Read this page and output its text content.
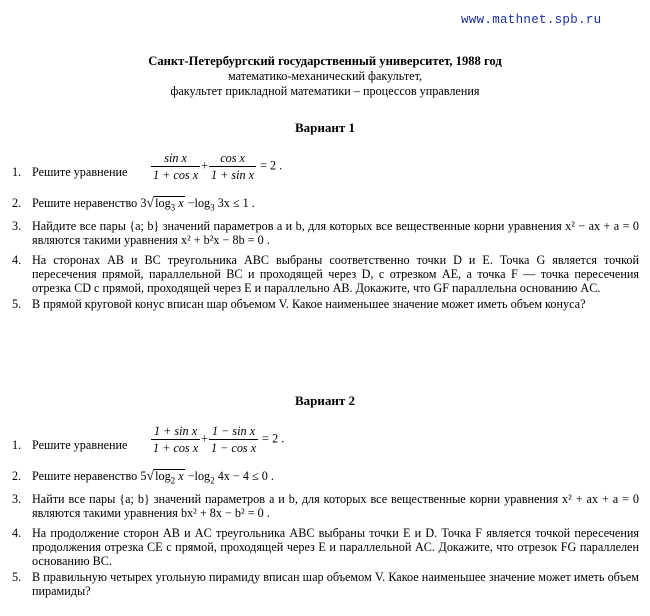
www.mathnet.spb.ru
Санкт-Петербургский государственный университет, 1988 год
математико-механический факультет,
факультет прикладной математики – процессов управления
Вариант 1
1. Решите уравнение $\frac{\text{sin x}}{\text{1 + cos x}} + \frac{\text{cos x}}{\text{1 + sin x}} = 2$ .
2. Решите неравенство $3√\log_3$ $x -\log_3$ 3x ≤ 1 .
3. Найдите все пары {a; b} значений параметров a и b, для которых все вещественные корни уравнения x² − ax + a = 0 являются такими уравнения x² + b²x − 8b = 0 .
4. На сторонах AB и BC треугольника ABC выбраны соответственно точки D и E. Точка G является точкой пересечения прямой, параллельной BC и проходящей через D, с отрезком AE, а точка F — точка пересечения отрезка CD с прямой, проходящей через E и параллельно AB. Докажите, что GF параллельна основанию AC.
5. В прямой круговой конус вписан шар объемом V. Какое наименьшее значение может иметь объем конуса?
Вариант 2
1. Решите уравнение $\frac{\text{1 + sin x}}{\text{1 + cos x}} + \frac{\text{1 − sin x}}{\text{1 − cos x}} = 2$ .
2. Решите неравенство $5√\log_2$ $x -\log_2$ 4x − 4 ≤ 0 .
3. Найти все пары {a; b} значений параметров a и b, для которых все вещественные корни уравнения x² + ax + a = 0 являются такими уравнения bx² + 8x − b² = 0 .
4. На продолжение сторон AB и AC треугольника ABC выбраны точки E и D. Точка F является точкой пересечения продолжения отрезка CE с прямой, проходящей через E и параллельной AC. Докажите, что отрезок FG параллелен основанию BC.
5. В правильную четырех угольную пирамиду вписан шар объемом V. Какое наименьшее значение может иметь объем пирамиды?
